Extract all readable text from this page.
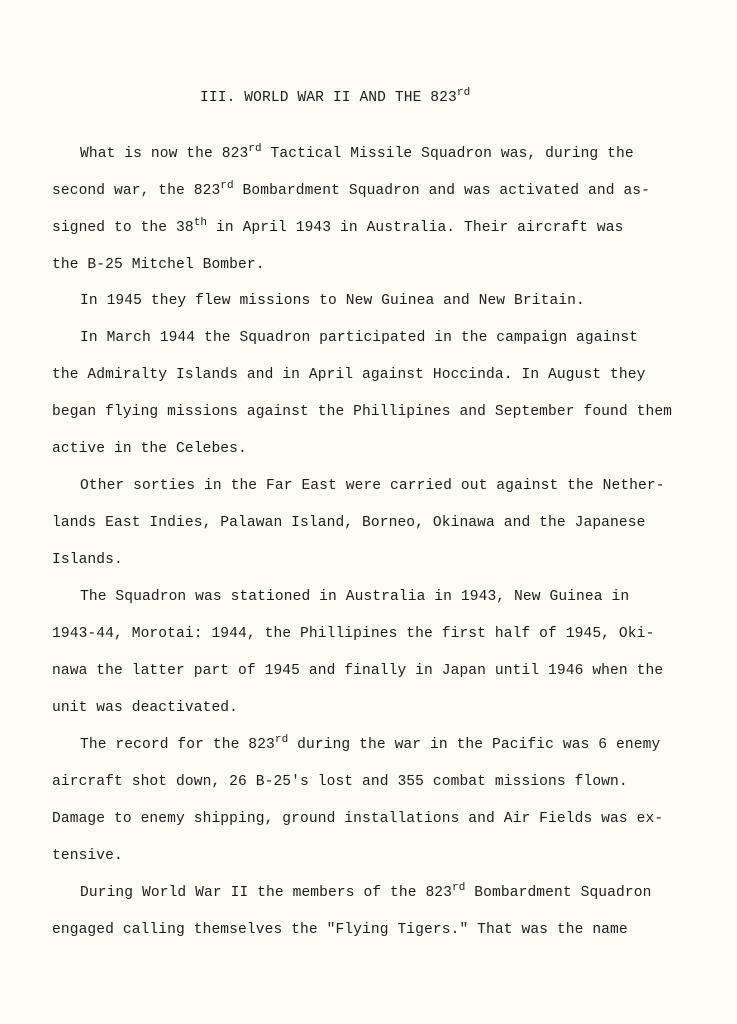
III. WORLD WAR II AND THE 823rd
What is now the 823rd Tactical Missile Squadron was, during the
second war, the 823rd Bombardment Squadron and was activated and as-
signed to the 38th in April 1943 in Australia. Their aircraft was
the B-25 Mitchel Bomber.
In 1945 they flew missions to New Guinea and New Britain.
In March 1944 the Squadron participated in the campaign against
the Admiralty Islands and in April against Hoccinda. In August they
began flying missions against the Phillipines and September found them
active in the Celebes.
Other sorties in the Far East were carried out against the Nether-
lands East Indies, Palawan Island, Borneo, Okinawa and the Japanese
Islands.
The Squadron was stationed in Australia in 1943, New Guinea in
1943-44, Morotai: 1944, the Phillipines the first half of 1945, Oki-
nawa the latter part of 1945 and finally in Japan until 1946 when the
unit was deactivated.
The record for the 823rd during the war in the Pacific was 6 enemy
aircraft shot down, 26 B-25's lost and 355 combat missions flown.
Damage to enemy shipping, ground installations and Air Fields was ex-
tensive.
During World War II the members of the 823rd Bombardment Squadron
engaged calling themselves the "Flying Tigers." That was the name
